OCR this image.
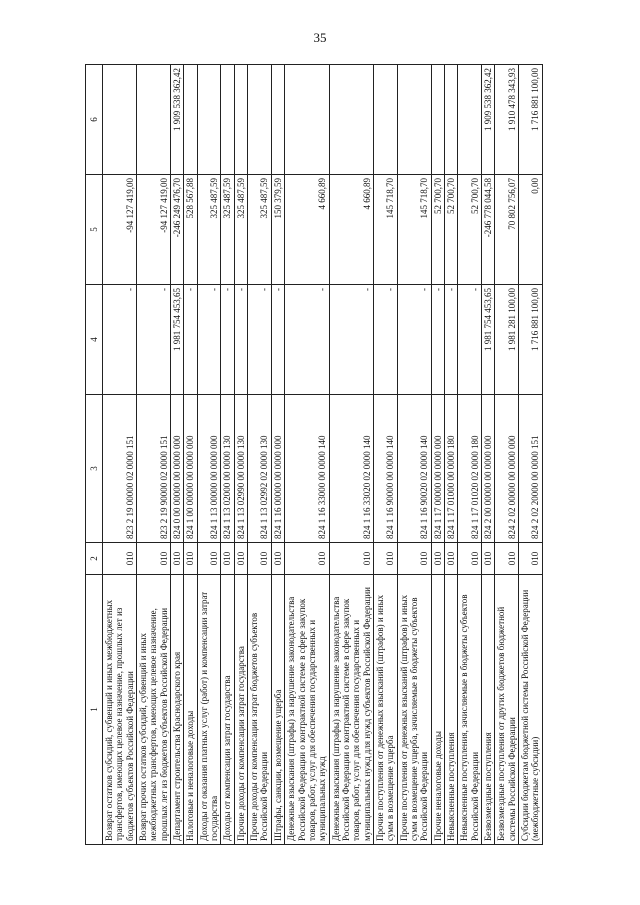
35
1	2	3	4	5	6
Возврат остатков субсидий, субвенций и иных межбюджетных трансфертов, имеющих целевое назначение, прошлых лет из бюджетов субъектов Российской Федерации	010	823 2 19 00000 02 0000 151	-	-94 127 419,00	
Возврат прочих остатков субсидий, субвенций и иных межбюджетных трансфертов, имеющих целевое назначение, прошлых лет из бюджетов субъектов Российской Федерации	010	823 2 19 90000 02 0000 151	-	-94 127 419,00	
Департамент строительства Краснодарского края	010	824 0 00 00000 00 0000 000	1 981 754 453,65	-246 249 476,70	1 909 538 362,42
Налоговые и неналоговые доходы	010	824 1 00 00000 00 0000 000	-	528 567,88	
Доходы от оказания платных услуг (работ) и компенсации затрат государства	010	824 1 13 00000 00 0000 000	-	325 487,59	
Доходы от компенсации затрат государства	010	824 1 13 02000 00 0000 130	-	325 487,59	
Прочие доходы от компенсации затрат государства	010	824 1 13 02990 00 0000 130	-	325 487,59	
Прочие доходы от компенсации затрат бюджетов субъектов Российской Федерации	010	824 1 13 02992 02 0000 130	-	325 487,59	
Штрафы, санкции, возмещение ущерба	010	824 1 16 00000 00 0000 000	-	150 379,59	
Денежные взыскания (штрафы) за нарушение законодательства Российской Федерации о контрактной системе в сфере закупок товаров, работ, услуг для обеспечения государственных и муниципальных нужд	010	824 1 16 33000 00 0000 140	-	4 660,89	
Денежные взыскания (штрафы) за нарушение законодательства Российской Федерации о контрактной системе в сфере закупок товаров, работ, услуг для обеспечения государственных и муниципальных нужд для нужд субъектов Российской Федерации	010	824 1 16 33020 02 0000 140	-	4 660,89	
Прочие поступления от денежных взысканий (штрафов) и иных сумм в возмещение ущерба	010	824 1 16 90000 00 0000 140	-	145 718,70	
Прочие поступления от денежных взысканий (штрафов) и иных сумм в возмещение ущерба, зачисляемые в бюджеты субъектов Российской Федерации	010	824 1 16 90020 02 0000 140	-	145 718,70	
Прочие неналоговые доходы	010	824 1 17 00000 00 0000 000	-	52 700,70	
Невыясненные поступления	010	824 1 17 01000 00 0000 180	-	52 700,70	
Невыясненные поступления, зачисляемые в бюджеты субъектов Российской Федерации	010	824 1 17 01020 02 0000 180	-	52 700,70	
Безвозмездные поступления	010	824 2 00 00000 00 0000 000	1 981 754 453,65	-246 778 044,58	1 909 538 362,42
Безвозмездные поступления от других бюджетов бюджетной системы Российской Федерации	010	824 2 02 00000 00 0000 000	1 981 281 100,00	70 802 756,07	1 910 478 343,93
Субсидии бюджетам бюджетной системы Российской Федерации (межбюджетные субсидии)	010	824 2 02 20000 00 0000 151	1 716 881 100,00	0,00	1 716 881 100,00
